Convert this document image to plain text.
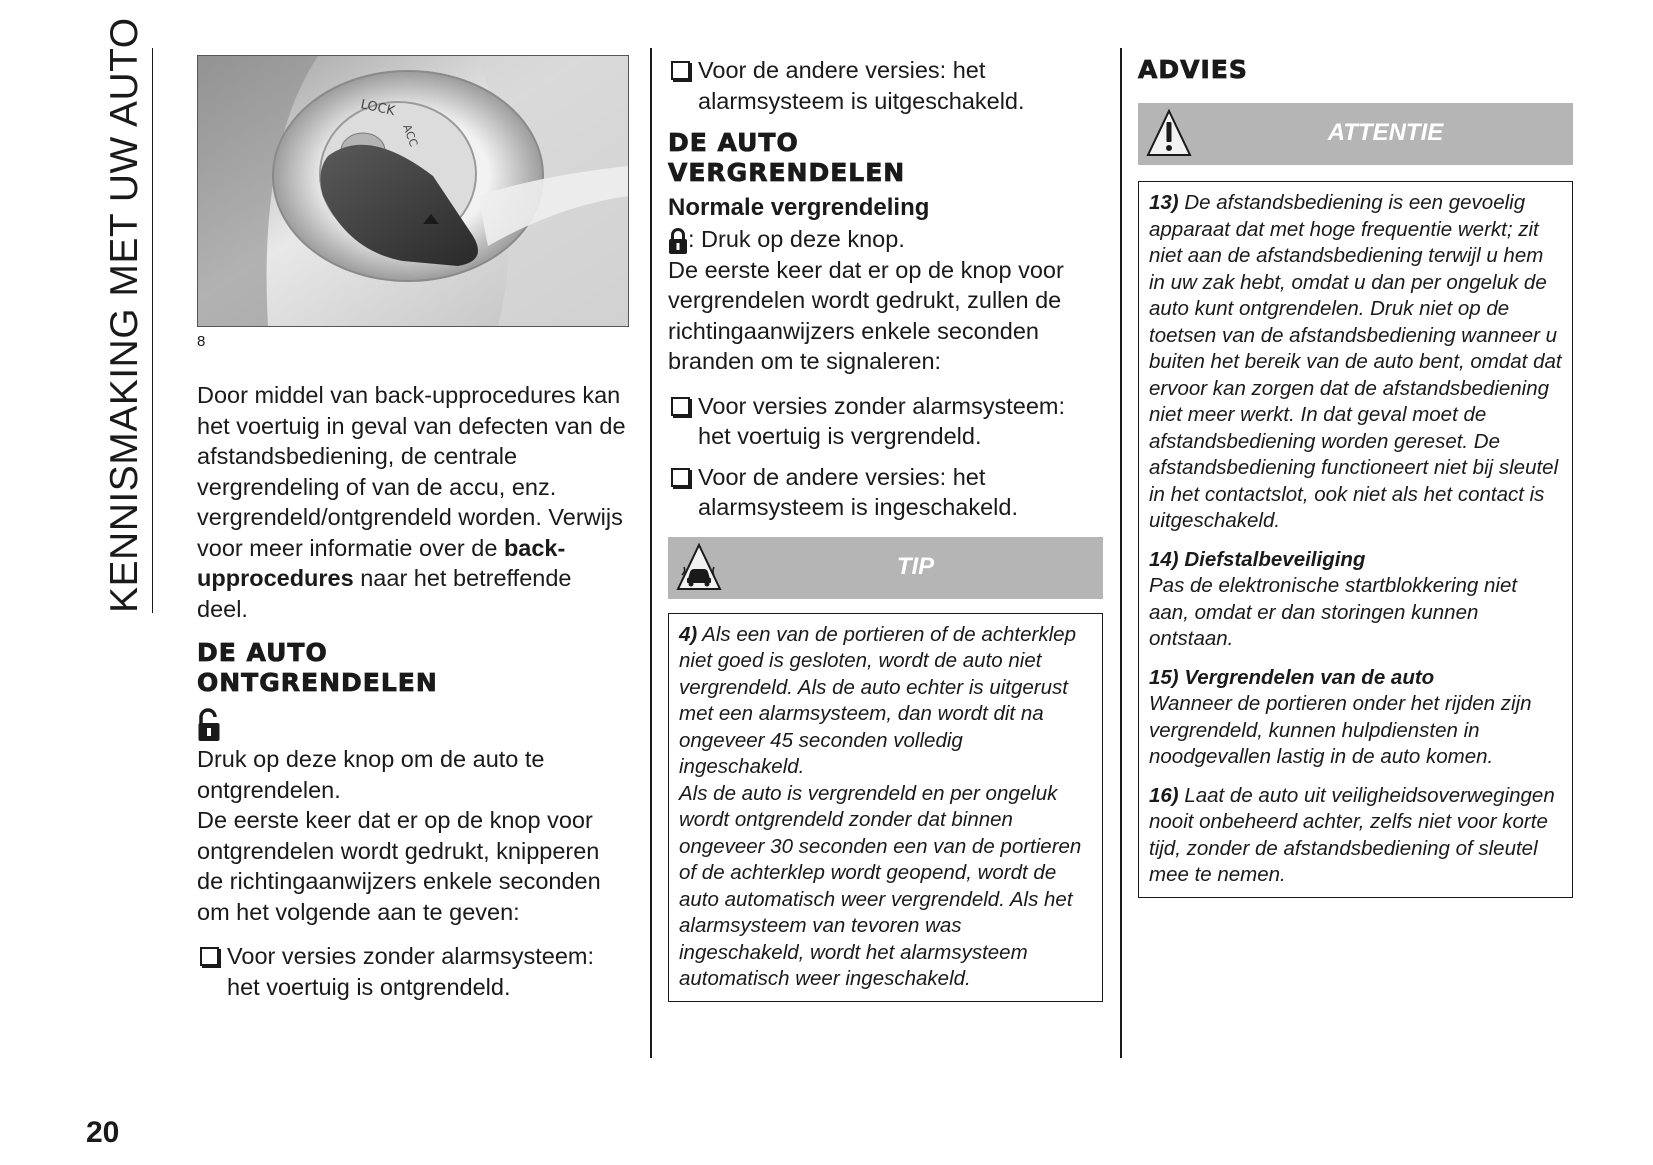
KENNISMAKING MET UW AUTO
20
LOCK
ACC
8

Door middel van back-upprocedures kan het voertuig in geval van defecten van de afstandsbediening, de centrale vergrendeling of van de accu, enz. vergrendeld/ontgrendeld worden. Verwijs voor meer informatie over de back-upprocedures naar het betreffende deel.

DE AUTO

ONTGRENDELEN

Druk op deze knop om de auto te ontgrendelen.

De eerste keer dat er op de knop voor ontgrendelen wordt gedrukt, knipperen de richtingaanwijzers enkele seconden om het volgende aan te geven:

Voor versies zonder alarmsysteem: het voertuig is ontgrendeld.
Voor de andere versies: het alarmsysteem is uitgeschakeld.

DE AUTO

VERGRENDELEN

Normale vergrendeling

: Druk op deze knop.

De eerste keer dat er op de knop voor vergrendelen wordt gedrukt, zullen de richtingaanwijzers enkele seconden branden om te signaleren:

Voor versies zonder alarmsysteem: het voertuig is vergrendeld.
Voor de andere versies: het alarmsysteem is ingeschakeld.
TIP

4) Als een van de portieren of de achterklep niet goed is gesloten, wordt de auto niet vergrendeld. Als de auto echter is uitgerust met een alarmsysteem, dan wordt dit na ongeveer 45 seconden volledig ingeschakeld.

Als de auto is vergrendeld en per ongeluk wordt ontgrendeld zonder dat binnen ongeveer 30 seconden een van de portieren of de achterklep wordt geopend, wordt de auto automatisch weer vergrendeld. Als het alarmsysteem van tevoren was ingeschakeld, wordt het alarmsysteem automatisch weer ingeschakeld.

ADVIES

ATTENTIE

13) De afstandsbediening is een gevoelig apparaat dat met hoge frequentie werkt; zit niet aan de afstandsbediening terwijl u hem in uw zak hebt, omdat u dan per ongeluk de auto kunt ontgrendelen. Druk niet op de toetsen van de afstandsbediening wanneer u buiten het bereik van de auto bent, omdat dat ervoor kan zorgen dat de afstandsbediening niet meer werkt. In dat geval moet de afstandsbediening worden gereset. De afstandsbediening functioneert niet bij sleutel in het contactslot, ook niet als het contact is uitgeschakeld.

14) Diefstalbeveiliging

Pas de elektronische startblokkering niet aan, omdat er dan storingen kunnen ontstaan.

15) Vergrendelen van de auto

Wanneer de portieren onder het rijden zijn vergrendeld, kunnen hulpdiensten in noodgevallen lastig in de auto komen.

16) Laat de auto uit veiligheidsoverwegingen nooit onbeheerd achter, zelfs niet voor korte tijd, zonder de afstandsbediening of sleutel mee te nemen.
